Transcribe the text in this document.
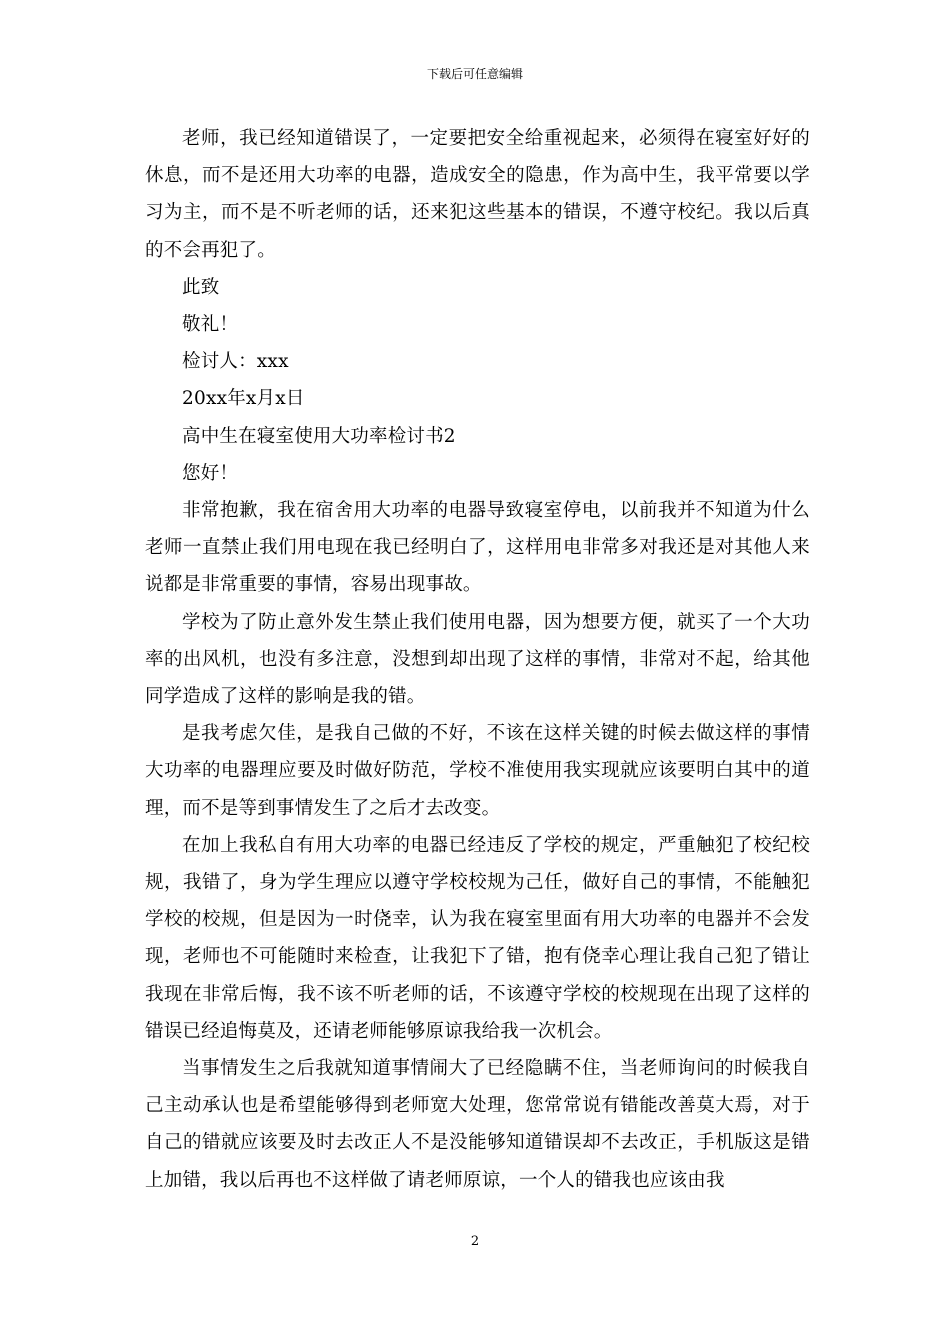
下载后可任意编辑

老师，我已经知道错误了，一定要把安全给重视起来，必须得在寝室好好的休息，而不是还用大功率的电器，造成安全的隐患，作为高中生，我平常要以学习为主，而不是不听老师的话，还来犯这些基本的错误，不遵守校纪。我以后真的不会再犯了。

此致

敬礼！

检讨人：xxx

20xx年x月x日

高中生在寝室使用大功率检讨书2

您好！

非常抱歉，我在宿舍用大功率的电器导致寝室停电，以前我并不知道为什么老师一直禁止我们用电现在我已经明白了，这样用电非常多对我还是对其他人来说都是非常重要的事情，容易出现事故。

学校为了防止意外发生禁止我们使用电器，因为想要方便，就买了一个大功率的出风机，也没有多注意，没想到却出现了这样的事情，非常对不起，给其他同学造成了这样的影响是我的错。

是我考虑欠佳，是我自己做的不好，不该在这样关键的时候去做这样的事情大功率的电器理应要及时做好防范，学校不准使用我实现就应该要明白其中的道理，而不是等到事情发生了之后才去改变。

在加上我私自有用大功率的电器已经违反了学校的规定，严重触犯了校纪校规，我错了，身为学生理应以遵守学校校规为己任，做好自己的事情，不能触犯学校的校规，但是因为一时侥幸，认为我在寝室里面有用大功率的电器并不会发现，老师也不可能随时来检查，让我犯下了错，抱有侥幸心理让我自己犯了错让我现在非常后悔，我不该不听老师的话，不该遵守学校的校规现在出现了这样的错误已经追悔莫及，还请老师能够原谅我给我一次机会。

当事情发生之后我就知道事情闹大了已经隐瞒不住，当老师询问的时候我自己主动承认也是希望能够得到老师宽大处理，您常常说有错能改善莫大焉，对于自己的错就应该要及时去改正人不是没能够知道错误却不去改正，手机版这是错上加错，我以后再也不这样做了请老师原谅，一个人的错我也应该由我

2
